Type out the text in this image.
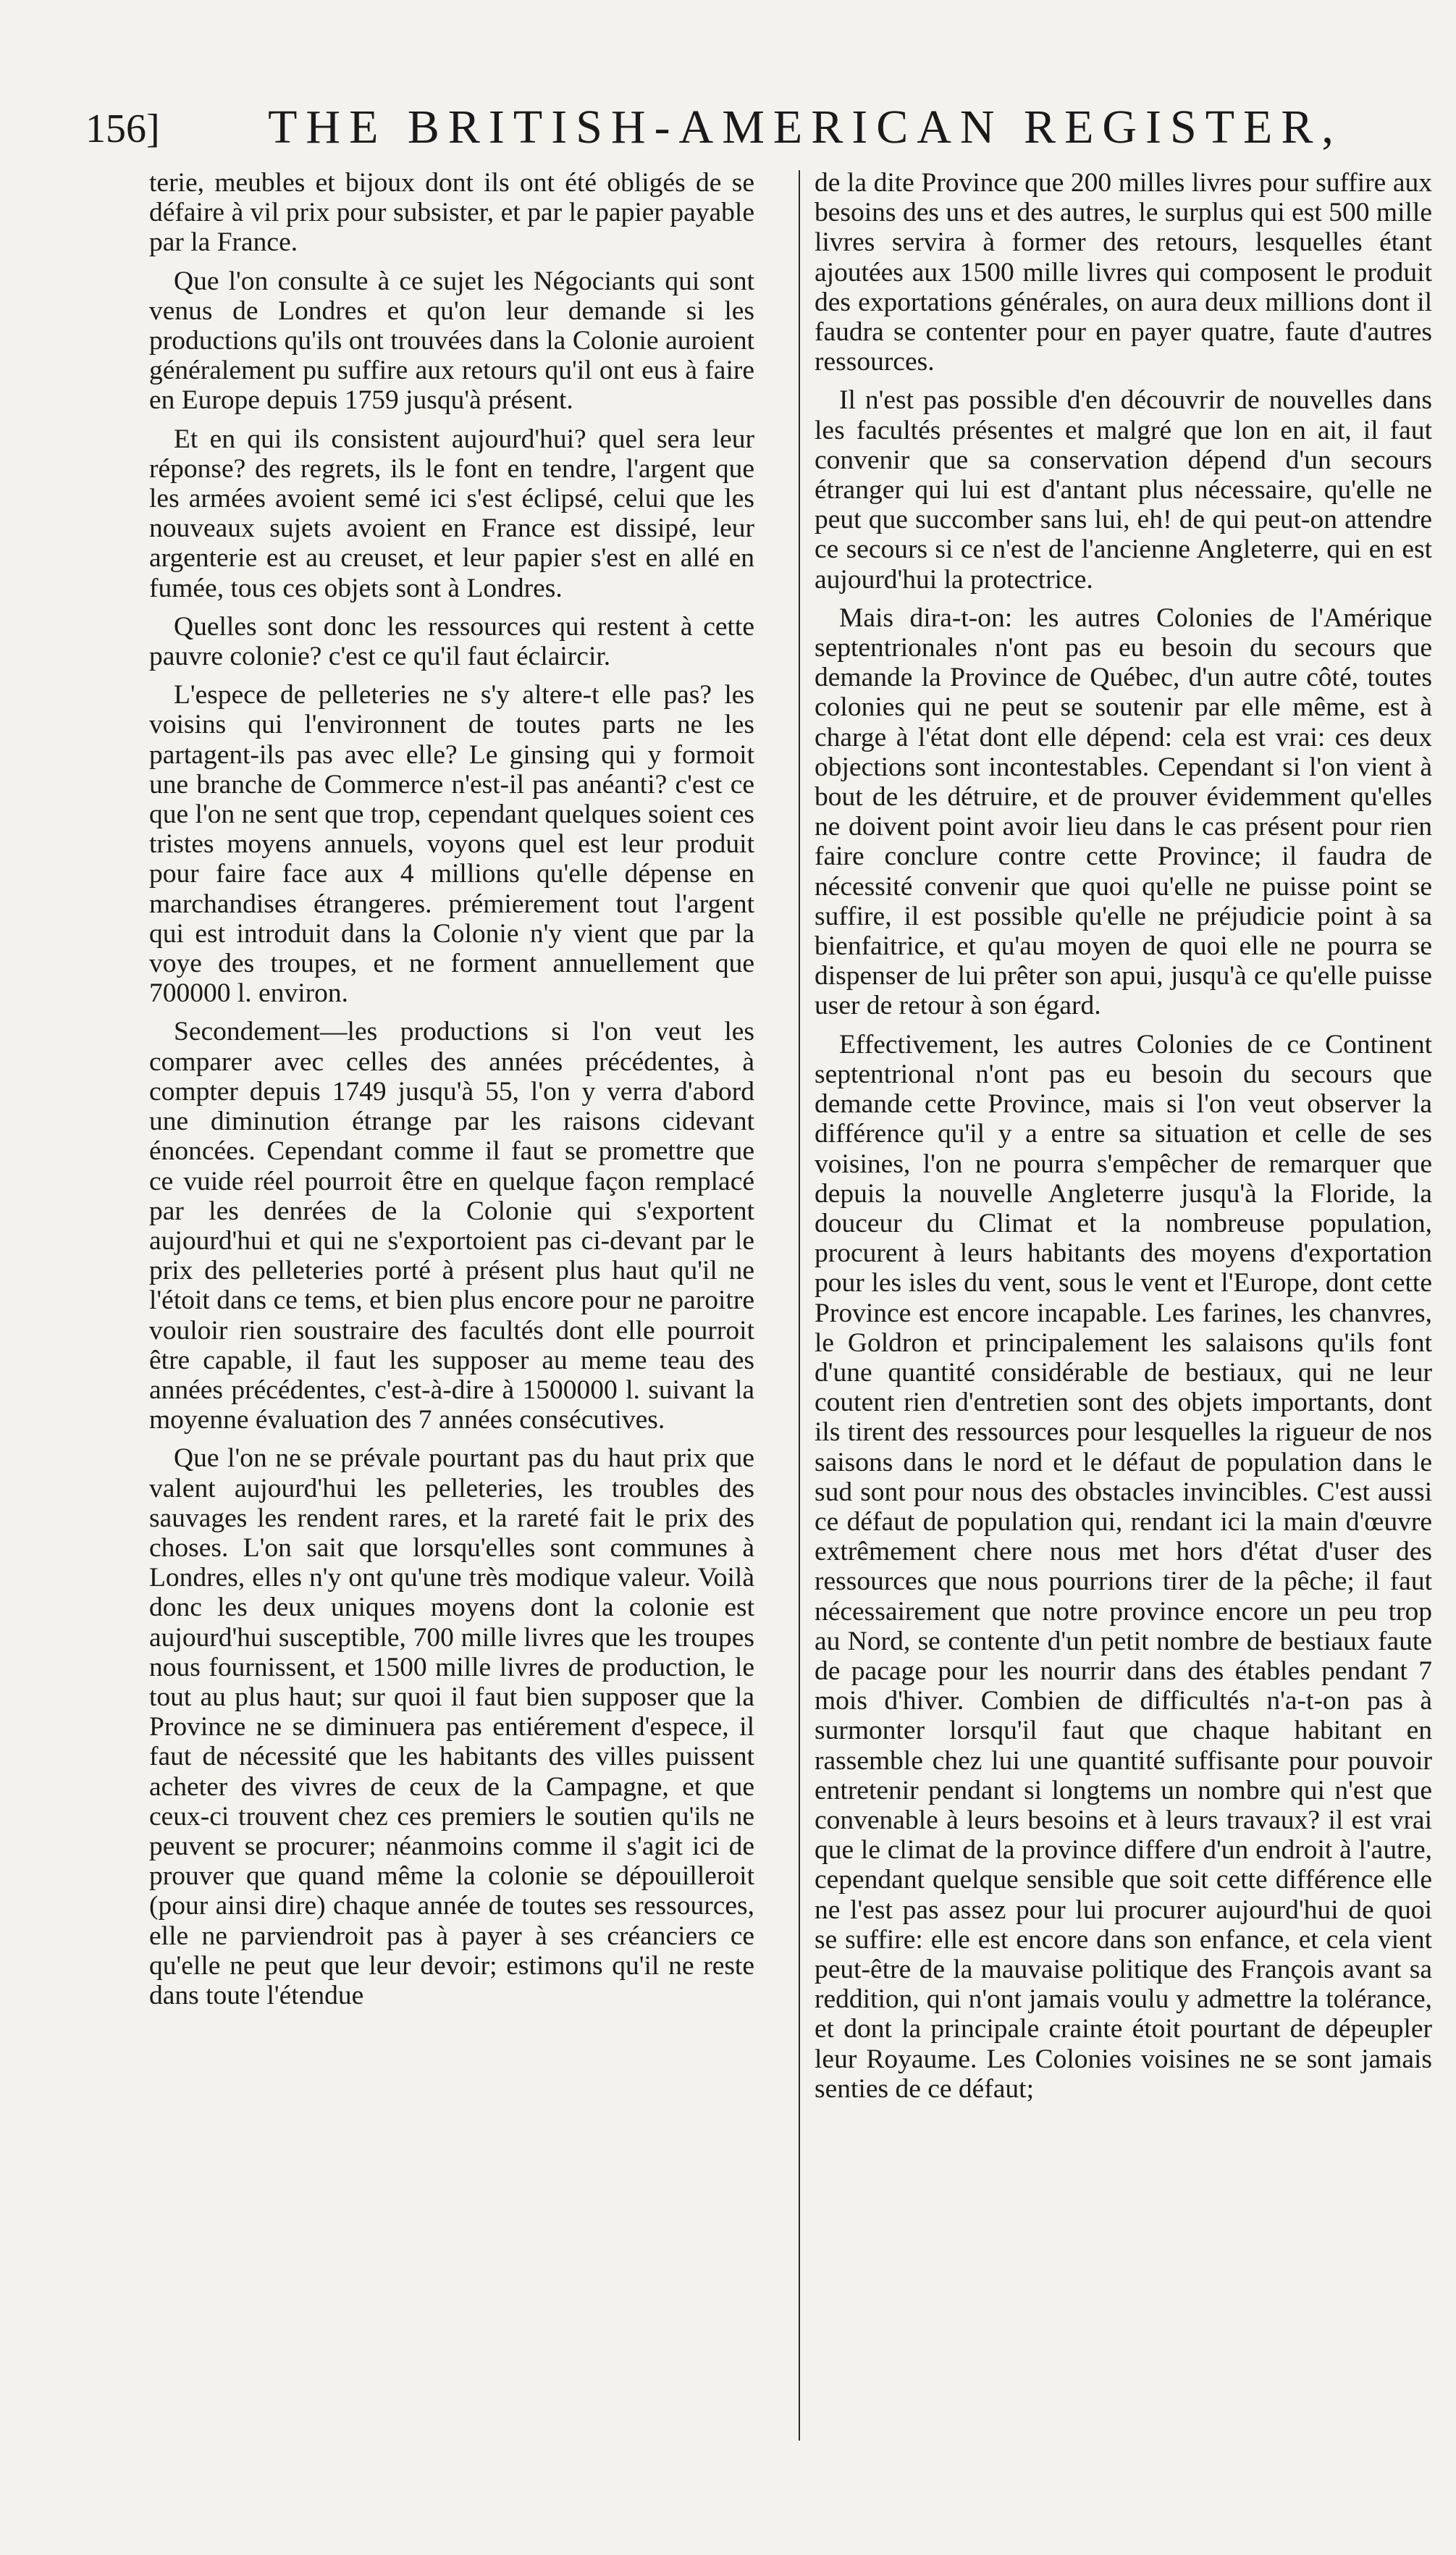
156]	THE BRITISH-AMERICAN REGISTER,

terie, meubles et bijoux dont ils ont été obligés de se défaire à vil prix pour subsister, et par le papier payable par la France.

Que l'on consulte à ce sujet les Négociants qui sont venus de Londres et qu'on leur demande si les productions qu'ils ont trouvées dans la Colonie auroient généralement pu suffire aux retours qu'il ont eus à faire en Europe depuis 1759 jusqu'à présent.

Et en qui ils consistent aujourd'hui? quel sera leur réponse? des regrets, ils le font en tendre, l'argent que les armées avoient semé ici s'est éclipsé, celui que les nouveaux sujets avoient en France est dissipé, leur argenterie est au creuset, et leur papier s'est en allé en fumée, tous ces objets sont à Londres.

Quelles sont donc les ressources qui restent à cette pauvre colonie? c'est ce qu'il faut éclaircir.

L'espece de pelleteries ne s'y altere-t elle pas? les voisins qui l'environnent de toutes parts ne les partagent-ils pas avec elle? Le ginsing qui y formoit une branche de Commerce n'est-il pas anéanti? c'est ce que l'on ne sent que trop, cependant quelques soient ces tristes moyens annuels, voyons quel est leur produit pour faire face aux 4 millions qu'elle dépense en marchandises étrangeres. prémierement tout l'argent qui est introduit dans la Colonie n'y vient que par la voye des troupes, et ne forment annuellement que 700000 l. environ.

Secondement—les productions si l'on veut les comparer avec celles des années précédentes, à compter depuis 1749 jusqu'à 55, l'on y verra d'abord une diminution étrange par les raisons cidevant énoncées. Cependant comme il faut se promettre que ce vuide réel pourroit être en quelque façon remplacé par les denrées de la Colonie qui s'exportent aujourd'hui et qui ne s'exportoient pas ci-devant par le prix des pelleteries porté à présent plus haut qu'il ne l'étoit dans ce tems, et bien plus encore pour ne paroitre vouloir rien soustraire des facultés dont elle pourroit être capable, il faut les supposer au meme teau des années précédentes, c'est-à-dire à 1500000 l. suivant la moyenne évaluation des 7 années consécutives.

Que l'on ne se prévale pourtant pas du haut prix que valent aujourd'hui les pelleteries, les troubles des sauvages les rendent rares, et la rareté fait le prix des choses. L'on sait que lorsqu'elles sont communes à Londres, elles n'y ont qu'une très modique valeur. Voilà donc les deux uniques moyens dont la colonie est aujourd'hui susceptible, 700 mille livres que les troupes nous fournissent, et 1500 mille livres de production, le tout au plus haut; sur quoi il faut bien supposer que la Province ne se diminuera pas entiérement d'espece, il faut de nécessité que les habitants des villes puissent acheter des vivres de ceux de la Campagne, et que ceux-ci trouvent chez ces premiers le soutien qu'ils ne peuvent se procurer; néanmoins comme il s'agit ici de prouver que quand même la colonie se dépouilleroit (pour ainsi dire) chaque année de toutes ses ressources, elle ne parviendroit pas à payer à ses créanciers ce qu'elle ne peut que leur devoir; estimons qu'il ne reste dans toute l'étendue

de la dite Province que 200 milles livres pour suffire aux besoins des uns et des autres, le surplus qui est 500 mille livres servira à former des retours, lesquelles étant ajoutées aux 1500 mille livres qui composent le produit des exportations générales, on aura deux millions dont il faudra se contenter pour en payer quatre, faute d'autres ressources.

Il n'est pas possible d'en découvrir de nouvelles dans les facultés présentes et malgré que lon en ait, il faut convenir que sa conservation dépend d'un secours étranger qui lui est d'antant plus nécessaire, qu'elle ne peut que succomber sans lui, eh! de qui peut-on attendre ce secours si ce n'est de l'ancienne Angleterre, qui en est aujourd'hui la protectrice.

Mais dira-t-on: les autres Colonies de l'Amérique septentrionales n'ont pas eu besoin du secours que demande la Province de Québec, d'un autre côté, toutes colonies qui ne peut se soutenir par elle même, est à charge à l'état dont elle dépend: cela est vrai: ces deux objections sont incontestables. Cependant si l'on vient à bout de les détruire, et de prouver évidemment qu'elles ne doivent point avoir lieu dans le cas présent pour rien faire conclure contre cette Province; il faudra de nécessité convenir que quoi qu'elle ne puisse point se suffire, il est possible qu'elle ne préjudicie point à sa bienfaitrice, et qu'au moyen de quoi elle ne pourra se dispenser de lui prêter son apui, jusqu'à ce qu'elle puisse user de retour à son égard.

Effectivement, les autres Colonies de ce Continent septentrional n'ont pas eu besoin du secours que demande cette Province, mais si l'on veut observer la différence qu'il y a entre sa situation et celle de ses voisines, l'on ne pourra s'empêcher de remarquer que depuis la nouvelle Angleterre jusqu'à la Floride, la douceur du Climat et la nombreuse population, procurent à leurs habitants des moyens d'exportation pour les isles du vent, sous le vent et l'Europe, dont cette Province est encore incapable. Les farines, les chanvres, le Goldron et principalement les salaisons qu'ils font d'une quantité considérable de bestiaux, qui ne leur coutent rien d'entretien sont des objets importants, dont ils tirent des ressources pour lesquelles la rigueur de nos saisons dans le nord et le défaut de population dans le sud sont pour nous des obstacles invincibles. C'est aussi ce défaut de population qui, rendant ici la main d'œuvre extrêmement chere nous met hors d'état d'user des ressources que nous pourrions tirer de la pêche; il faut nécessairement que notre province encore un peu trop au Nord, se contente d'un petit nombre de bestiaux faute de pacage pour les nourrir dans des étables pendant 7 mois d'hiver. Combien de difficultés n'a-t-on pas à surmonter lorsqu'il faut que chaque habitant en rassemble chez lui une quantité suffisante pour pouvoir entretenir pendant si longtems un nombre qui n'est que convenable à leurs besoins et à leurs travaux? il est vrai que le climat de la province differe d'un endroit à l'autre, cependant quelque sensible que soit cette différence elle ne l'est pas assez pour lui procurer aujourd'hui de quoi se suffire: elle est encore dans son enfance, et cela vient peut-être de la mauvaise politique des François avant sa reddition, qui n'ont jamais voulu y admettre la tolérance, et dont la principale crainte étoit pourtant de dépeupler leur Royaume. Les Colonies voisines ne se sont jamais senties de ce défaut;
